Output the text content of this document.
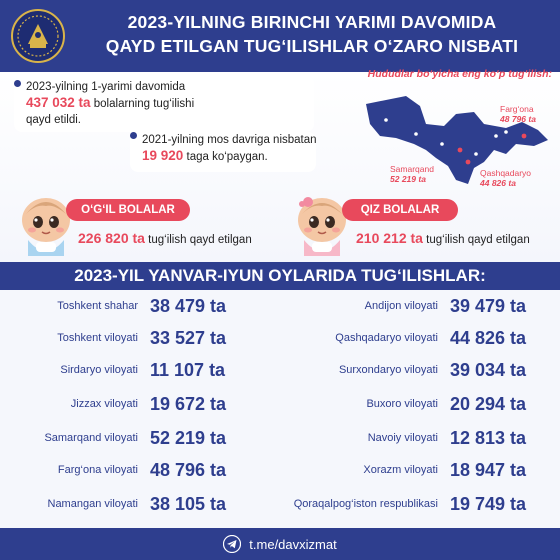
2023-YILNING BIRINCHI YARIMI DAVOMIDA
QAYD ETILGAN TUG‘ILISHLAR O‘ZARO NISBATI
2023-yilning 1-yarimi davomida
437 032 ta bolalarning tug‘ilishi
qayd etildi.
2021-yilning mos davriga nisbatan
19 920 taga ko‘paygan.
Hududlar bo‘yicha eng ko‘p tug‘ilish:
Farg‘ona
48 796 ta
Samarqand
52 219 ta
Qashqadaryo
44 826 ta
O‘G‘IL BOLALAR
226 820 ta tug‘ilish qayd etilgan
QIZ BOLALAR
210 212 ta tug‘ilish qayd etilgan
2023-YIL YANVAR-IYUN OYLARIDA TUG‘ILISHLAR:
Toshkent shahar 38 479 ta	Andijon viloyati 39 479 ta
Toshkent viloyati 33 527 ta	Qashqadaryo viloyati 44 826 ta
Sirdaryo viloyati 11 107 ta	Surxondaryo viloyati 39 034 ta
Jizzax viloyati 19 672 ta	Buxoro viloyati 20 294 ta
Samarqand viloyati 52 219 ta	Navoiy viloyati 12 813 ta
Farg‘ona viloyati 48 796 ta	Xorazm viloyati 18 947 ta
Namangan viloyati 38 105 ta	Qoraqalpog‘iston respublikasi 19 749 ta
t.me/davxizmat
